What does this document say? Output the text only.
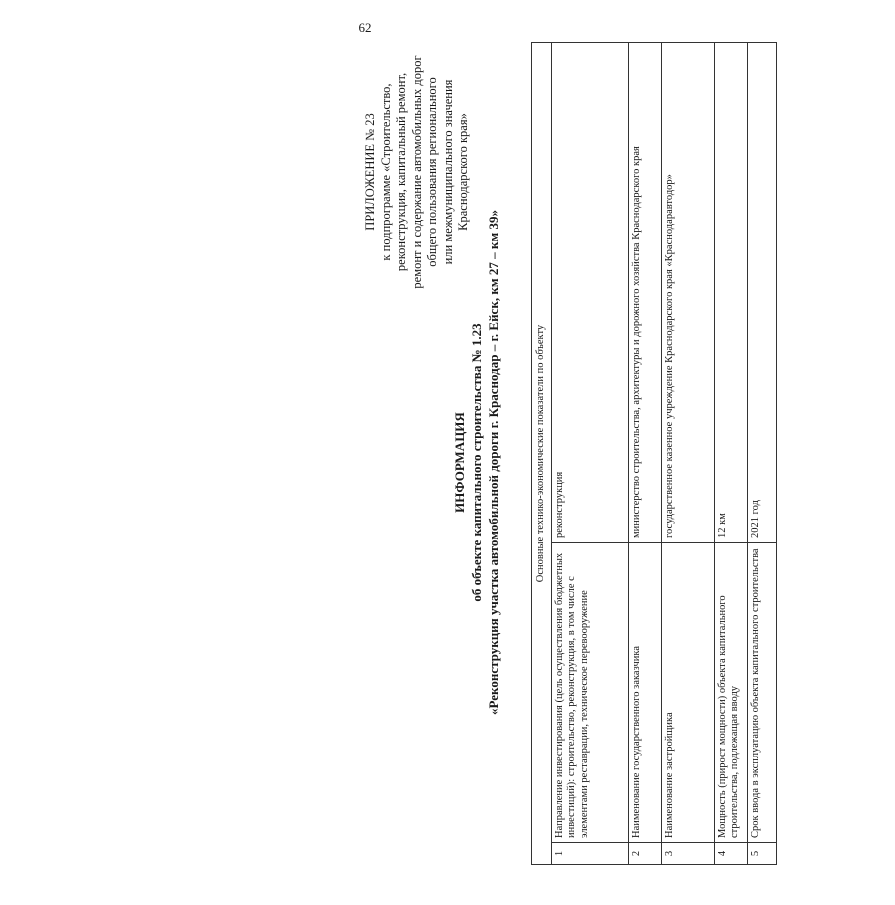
62
ПРИЛОЖЕНИЕ № 23 к подпрограмме «Строительство, реконструкция, капитальный ремонт, ремонт и содержание автомобильных дорог общего пользования регионального или межмуниципального значения Краснодарского края»
ИНФОРМАЦИЯ об объекте капитального строительства № 1.23 «Реконструкция участка автомобильной дороги г. Краснодар – г. Ейск, км 27 – км 39»	Основные технико-экономические показатели по объекту		
1	Направление инвестирования (цель осуществления бюджетных инвестиций): строительство, реконструкция, в том числе с элементами реставрации, техническое перевооружение	реконструкция
2	Наименование государственного заказчика	министерство строительства, архитектуры и дорожного хозяйства Краснодарского края
3	Наименование застройщика	государственное казенное учреждение Краснодарского края «Краснодаравтодор»
4	Мощность (прирост мощности) объекта капитального строительства, подлежащая вводу	12 км
5	Срок ввода в эксплуатацию объекта капитального строительства	2021 год
